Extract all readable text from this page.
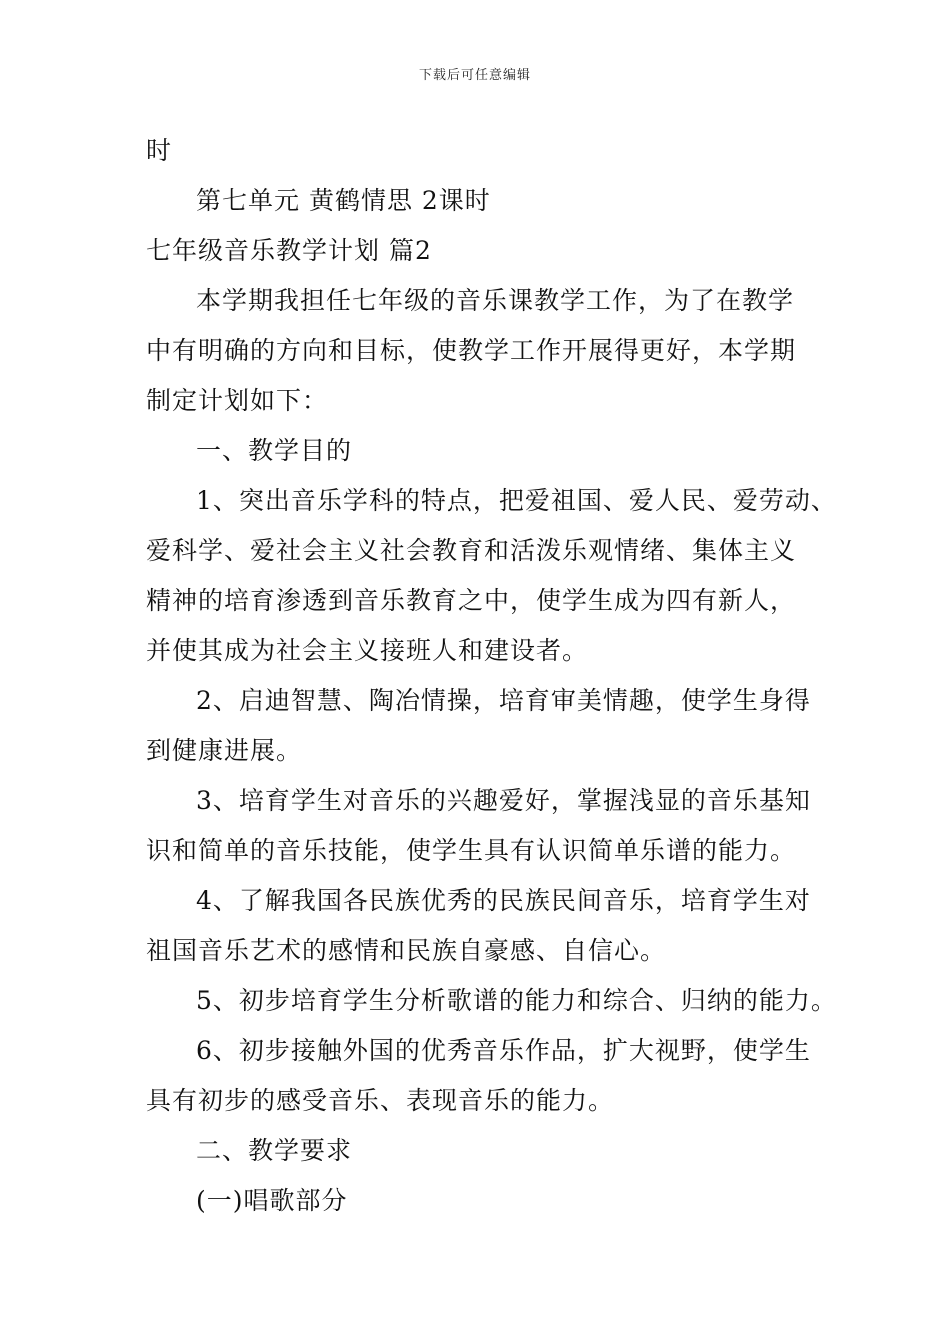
下载后可任意编辑
时
第七单元 黄鹤情思 2课时
七年级音乐教学计划 篇2
本学期我担任七年级的音乐课教学工作，为了在教学
中有明确的方向和目标，使教学工作开展得更好，本学期
制定计划如下：
一、教学目的
1、突出音乐学科的特点，把爱祖国、爱人民、爱劳动、
爱科学、爱社会主义社会教育和活泼乐观情绪、集体主义
精神的培育渗透到音乐教育之中，使学生成为四有新人，
并使其成为社会主义接班人和建设者。
2、启迪智慧、陶冶情操，培育审美情趣，使学生身得
到健康进展。
3、培育学生对音乐的兴趣爱好，掌握浅显的音乐基知
识和简单的音乐技能，使学生具有认识简单乐谱的能力。
4、了解我国各民族优秀的民族民间音乐，培育学生对
祖国音乐艺术的感情和民族自豪感、自信心。
5、初步培育学生分析歌谱的能力和综合、归纳的能力。
6、初步接触外国的优秀音乐作品，扩大视野，使学生
具有初步的感受音乐、表现音乐的能力。
二、教学要求
(一)唱歌部分
